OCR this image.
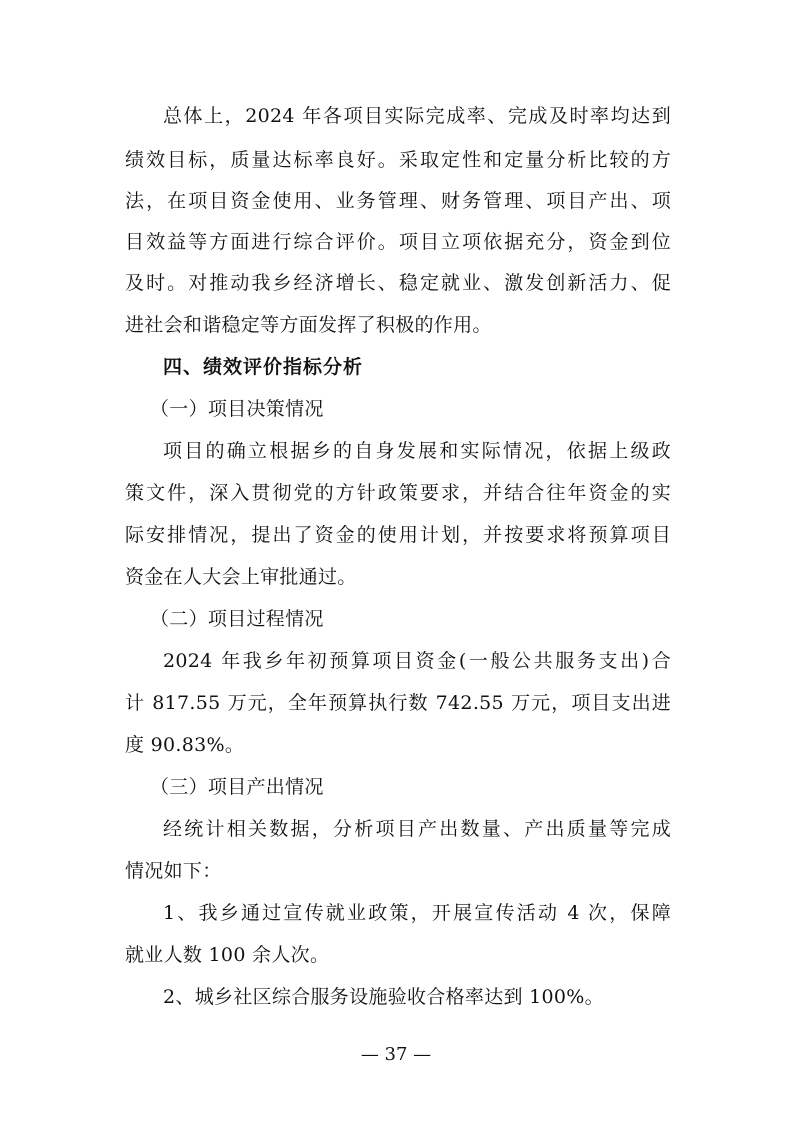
总体上，2024 年各项目实际完成率、完成及时率均达到
绩效目标，质量达标率良好。采取定性和定量分析比较的方
法，在项目资金使用、业务管理、财务管理、项目产出、项
目效益等方面进行综合评价。项目立项依据充分，资金到位
及时。对推动我乡经济增长、稳定就业、激发创新活力、促
进社会和谐稳定等方面发挥了积极的作用。
四、绩效评价指标分析
（一）项目决策情况
项目的确立根据乡的自身发展和实际情况，依据上级政
策文件，深入贯彻党的方针政策要求，并结合往年资金的实
际安排情况，提出了资金的使用计划，并按要求将预算项目
资金在人大会上审批通过。
（二）项目过程情况
2024 年我乡年初预算项目资金(一般公共服务支出)合
计 817.55 万元，全年预算执行数 742.55 万元，项目支出进
度 90.83%。
（三）项目产出情况
经统计相关数据，分析项目产出数量、产出质量等完成
情况如下：
1、我乡通过宣传就业政策，开展宣传活动 4 次，保障
就业人数 100 余人次。
2、城乡社区综合服务设施验收合格率达到 100%。
— 37 —
